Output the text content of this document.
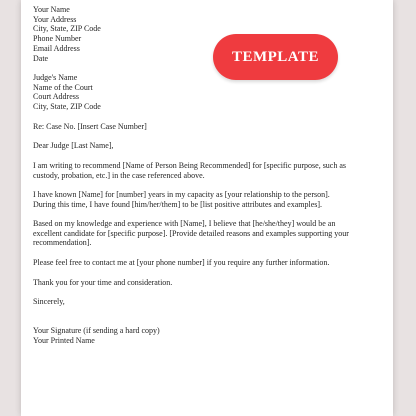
TEMPLATE
Your Name
Your Address
City, State, ZIP Code
Phone Number
Email Address
Date
Judge's Name
Name of the Court
Court Address
City, State, ZIP Code
Re: Case No. [Insert Case Number]
Dear Judge [Last Name],
I am writing to recommend [Name of Person Being Recommended] for [specific purpose, such as
custody, probation, etc.] in the case referenced above.
I have known [Name] for [number] years in my capacity as [your relationship to the person].
During this time, I have found [him/her/them] to be [list positive attributes and examples].
Based on my knowledge and experience with [Name], I believe that [he/she/they] would be an
excellent candidate for [specific purpose]. [Provide detailed reasons and examples supporting your
recommendation].
Please feel free to contact me at [your phone number] if you require any further information.
Thank you for your time and consideration.
Sincerely,
Your Signature (if sending a hard copy)
Your Printed Name
